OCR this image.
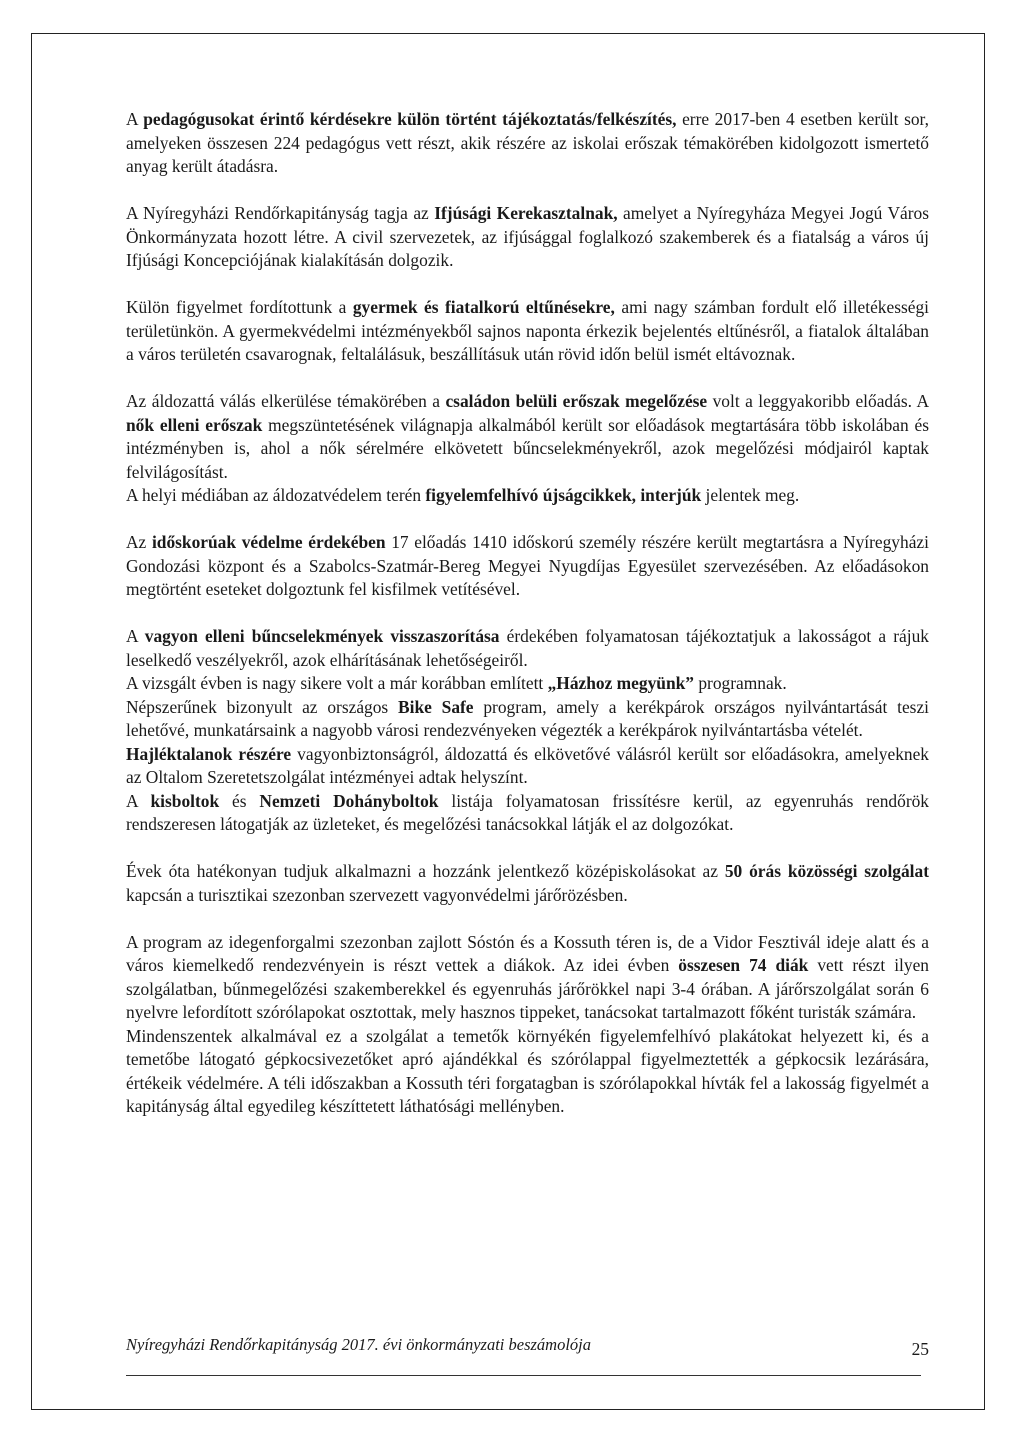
A pedagógusokat érintő kérdésekre külön történt tájékoztatás/felkészítés, erre 2017-ben 4 esetben került sor, amelyeken összesen 224 pedagógus vett részt, akik részére az iskolai erőszak témakörében kidolgozott ismertető anyag került átadásra.

A Nyíregyházi Rendőrkapitányság tagja az Ifjúsági Kerekasztalnak, amelyet a Nyíregyháza Megyei Jogú Város Önkormányzata hozott létre. A civil szervezetek, az ifjúsággal foglalkozó szakemberek és a fiatalság a város új Ifjúsági Koncepciójának kialakításán dolgozik.

Külön figyelmet fordítottunk a gyermek és fiatalkorú eltűnésekre, ami nagy számban fordult elő illetékességi területünkön. A gyermekvédelmi intézményekből sajnos naponta érkezik bejelentés eltűnésről, a fiatalok általában a város területén csavarognak, feltalálásuk, beszállításuk után rövid időn belül ismét eltávoznak.

Az áldozattá válás elkerülése témakörében a családon belüli erőszak megelőzése volt a leggyakoribb előadás. A nők elleni erőszak megszüntetésének világnapja alkalmából került sor előadások megtartására több iskolában és intézményben is, ahol a nők sérelmére elkövetett bűncselekményekről, azok megelőzési módjairól kaptak felvilágosítást.

A helyi médiában az áldozatvédelem terén figyelemfelhívó újságcikkek, interjúk jelentek meg.

Az időskorúak védelme érdekében 17 előadás 1410 időskorú személy részére került megtartásra a Nyíregyházi Gondozási központ és a Szabolcs-Szatmár-Bereg Megyei Nyugdíjas Egyesület szervezésében. Az előadásokon megtörtént eseteket dolgoztunk fel kisfilmek vetítésével.

A vagyon elleni bűncselekmények visszaszorítása érdekében folyamatosan tájékoztatjuk a lakosságot a rájuk leselkedő veszélyekről, azok elhárításának lehetőségeiről.

A vizsgált évben is nagy sikere volt a már korábban említett „Házhoz megyünk” programnak.

Népszerűnek bizonyult az országos Bike Safe program, amely a kerékpárok országos nyilvántartását teszi lehetővé, munkatársaink a nagyobb városi rendezvényeken végezték a kerékpárok nyilvántartásba vételét.

Hajléktalanok részére vagyonbiztonságról, áldozattá és elkövetővé válásról került sor előadásokra, amelyeknek az Oltalom Szeretetszolgálat intézményei adtak helyszínt.

A kisboltok és Nemzeti Dohányboltok listája folyamatosan frissítésre kerül, az egyenruhás rendőrök rendszeresen látogatják az üzleteket, és megelőzési tanácsokkal látják el az dolgozókat.

Évek óta hatékonyan tudjuk alkalmazni a hozzánk jelentkező középiskolásokat az 50 órás közösségi szolgálat kapcsán a turisztikai szezonban szervezett vagyonvédelmi járőrözésben.

A program az idegenforgalmi szezonban zajlott Sóstón és a Kossuth téren is, de a Vidor Fesztivál ideje alatt és a város kiemelkedő rendezvényein is részt vettek a diákok. Az idei évben összesen 74 diák vett részt ilyen szolgálatban, bűnmegelőzési szakemberekkel és egyenruhás járőrökkel napi 3-4 órában. A járőrszolgálat során 6 nyelvre lefordított szórólapokat osztottak, mely hasznos tippeket, tanácsokat tartalmazott főként turisták számára.

Mindenszentek alkalmával ez a szolgálat a temetők környékén figyelemfelhívó plakátokat helyezett ki, és a temetőbe látogató gépkocsivezetőket apró ajándékkal és szórólappal figyelmeztették a gépkocsik lezárására, értékeik védelmére. A téli időszakban a Kossuth téri forgatagban is szórólapokkal hívták fel a lakosság figyelmét a kapitányság által egyedileg készíttetett láthatósági mellényben.

Nyíregyházi Rendőrkapitányság 2017. évi önkormányzati beszámolója	25
